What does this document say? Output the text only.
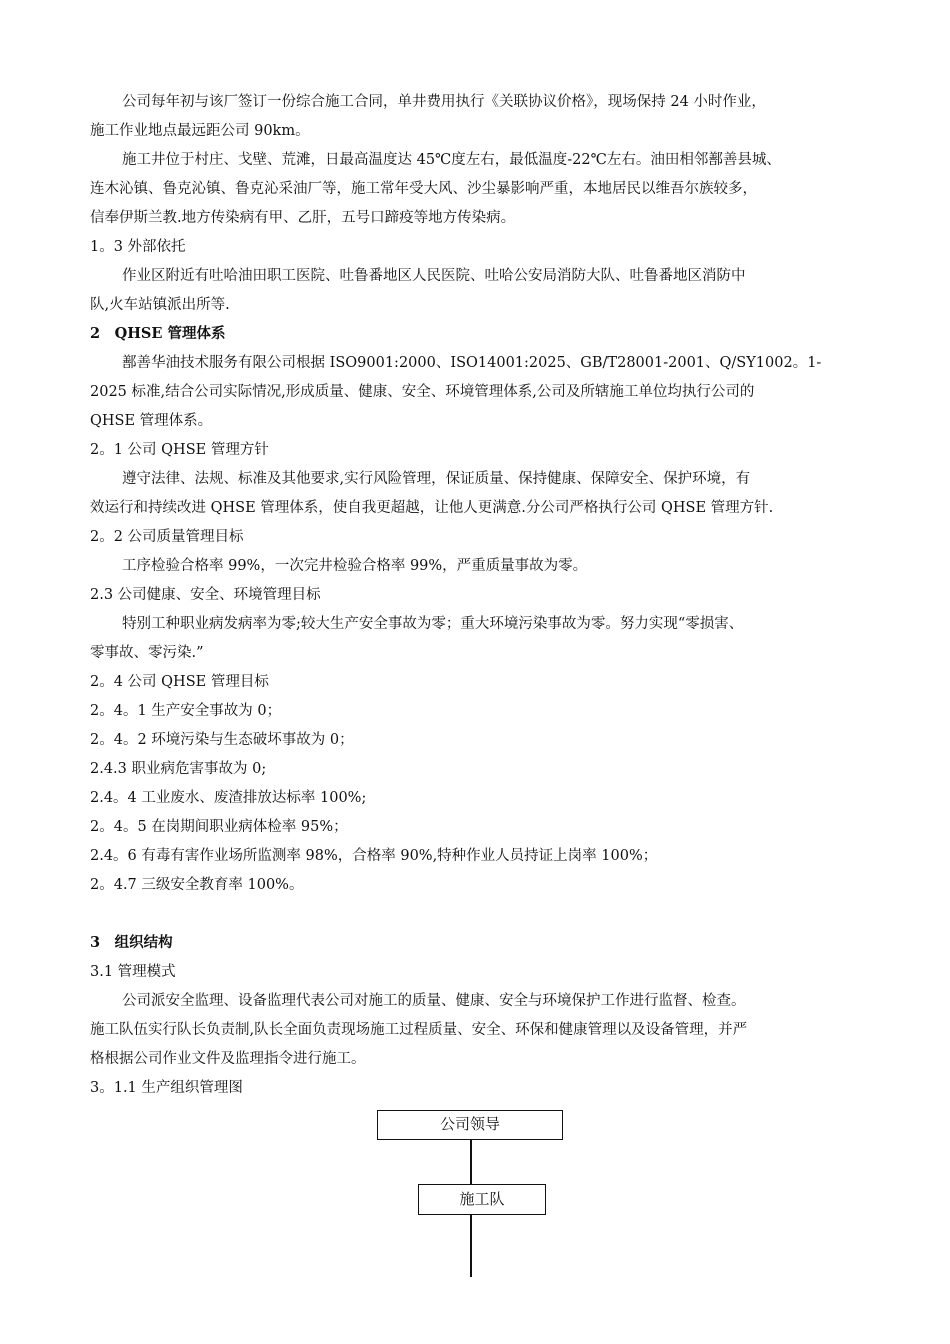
公司每年初与该厂签订一份综合施工合同，单井费用执行《关联协议价格》，现场保持 24 小时作业，
施工作业地点最远距公司 90km。
施工井位于村庄、戈壁、荒滩，日最高温度达 45℃度左右，最低温度-22℃左右。油田相邻鄯善县城、
连木沁镇、鲁克沁镇、鲁克沁采油厂等，施工常年受大风、沙尘暴影响严重，本地居民以维吾尔族较多，
信奉伊斯兰教.地方传染病有甲、乙肝，五号口蹄疫等地方传染病。
1。3 外部依托
作业区附近有吐哈油田职工医院、吐鲁番地区人民医院、吐哈公安局消防大队、吐鲁番地区消防中
队,火车站镇派出所等.
2　QHSE 管理体系
鄯善华油技术服务有限公司根据 ISO9001:2000、ISO14001:2025、GB/T28001-2001、Q/SY1002。1-
2025 标准,结合公司实际情况,形成质量、健康、安全、环境管理体系,公司及所辖施工单位均执行公司的
QHSE 管理体系。
2。1 公司 QHSE 管理方针
遵守法律、法规、标准及其他要求,实行风险管理，保证质量、保持健康、保障安全、保护环境，有
效运行和持续改进 QHSE 管理体系，使自我更超越，让他人更满意.分公司严格执行公司 QHSE 管理方针.
2。2 公司质量管理目标
工序检验合格率 99%，一次完井检验合格率 99%，严重质量事故为零。
2.3 公司健康、安全、环境管理目标
特别工种职业病发病率为零;较大生产安全事故为零；重大环境污染事故为零。努力实现“零损害、
零事故、零污染.”
2。4 公司 QHSE 管理目标
2。4。1 生产安全事故为 0；
2。4。2 环境污染与生态破坏事故为 0；
2.4.3 职业病危害事故为 0;
2.4。4 工业废水、废渣排放达标率 100%;
2。4。5 在岗期间职业病体检率 95%；
2.4。6 有毒有害作业场所监测率 98%，合格率 90%,特种作业人员持证上岗率 100%；
2。4.7 三级安全教育率 100%。
3　组织结构
3.1 管理模式
公司派安全监理、设备监理代表公司对施工的质量、健康、安全与环境保护工作进行监督、检查。
施工队伍实行队长负责制,队长全面负责现场施工过程质量、安全、环保和健康管理以及设备管理，并严
格根据公司作业文件及监理指令进行施工。
3。1.1 生产组织管理图
公司领导
施工队
